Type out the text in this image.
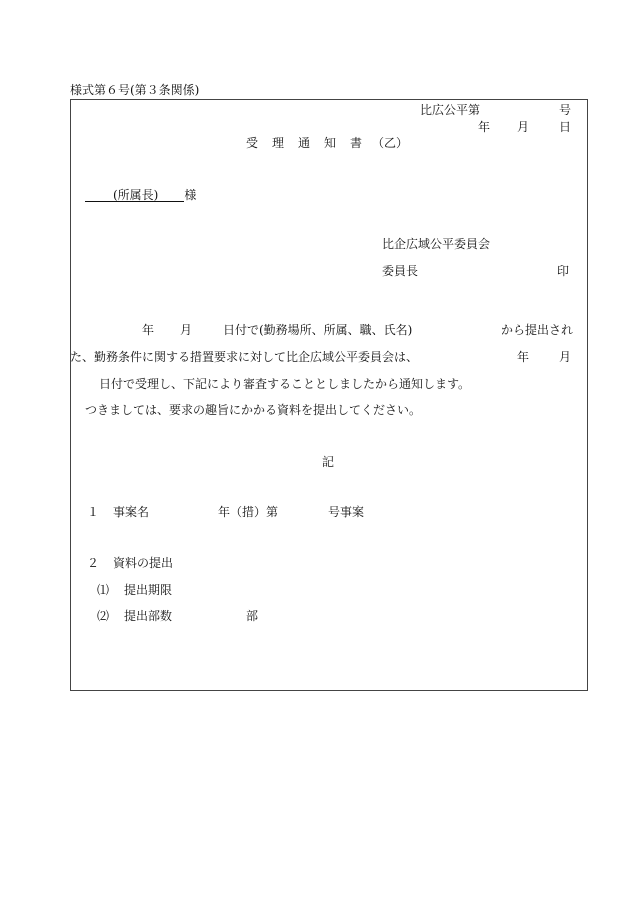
様式第６号(第３条関係)
比広公平第	号
年 月 日
受 理 通 知 書 （乙）
(所属長) 様
比企広域公平委員会
委員長	印
年 月	日付で(勤務場所、所属、職、氏名)	から提出され
た、勤務条件に関する措置要求に対して比企広域公平委員会は、	年 月
日付で受理し、下記により審査することとしましたから通知します。
つきましては、要求の趣旨にかかる資料を提出してください。
記
１ 事案名	年（措）第	号事案
２ 資料の提出
⑴ 提出期限
⑵ 提出部数	部
